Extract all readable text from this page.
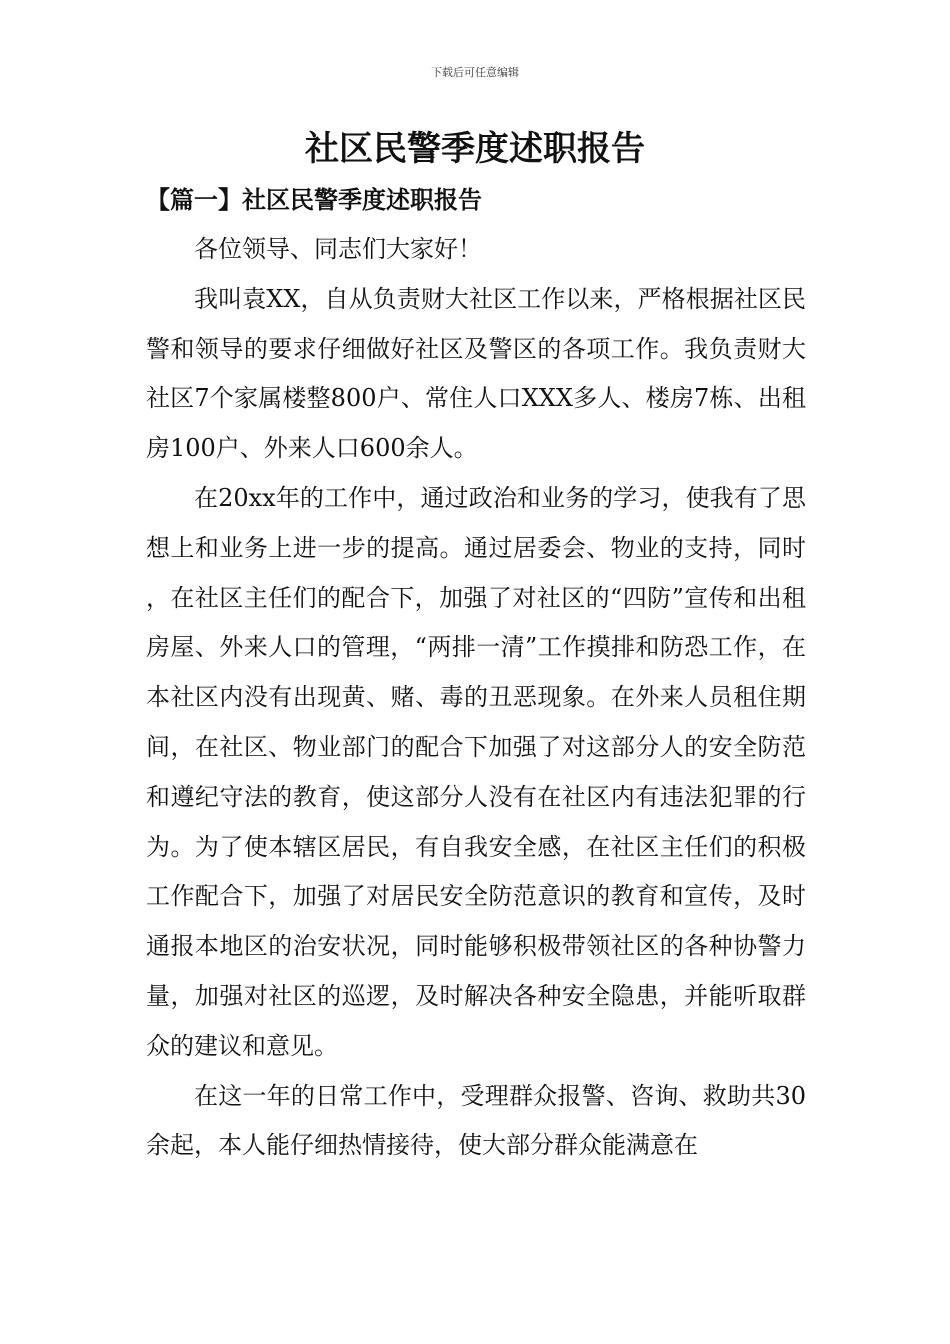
下载后可任意编辑
社区民警季度述职报告
【篇一】社区民警季度述职报告

各位领导、同志们大家好！

我叫袁XX，自从负责财大社区工作以来，严格根据社区民警和领导的要求仔细做好社区及警区的各项工作。我负责财大社区7个家属楼整800户、常住人口XXX多人、楼房7栋、出租房100户、外来人口600余人。

在20xx年的工作中，通过政治和业务的学习，使我有了思想上和业务上进一步的提高。通过居委会、物业的支持，同时，在社区主任们的配合下，加强了对社区的“四防”宣传和出租房屋、外来人口的管理，“两排一清”工作摸排和防恐工作，在本社区内没有出现黄、赌、毒的丑恶现象。在外来人员租住期间，在社区、物业部门的配合下加强了对这部分人的安全防范和遵纪守法的教育，使这部分人没有在社区内有违法犯罪的行为。为了使本辖区居民，有自我安全感，在社区主任们的积极工作配合下，加强了对居民安全防范意识的教育和宣传，及时通报本地区的治安状况，同时能够积极带领社区的各种协警力量，加强对社区的巡逻，及时解决各种安全隐患，并能听取群众的建议和意见。

在这一年的日常工作中，受理群众报警、咨询、救助共30余起，本人能仔细热情接待，使大部分群众能满意在
